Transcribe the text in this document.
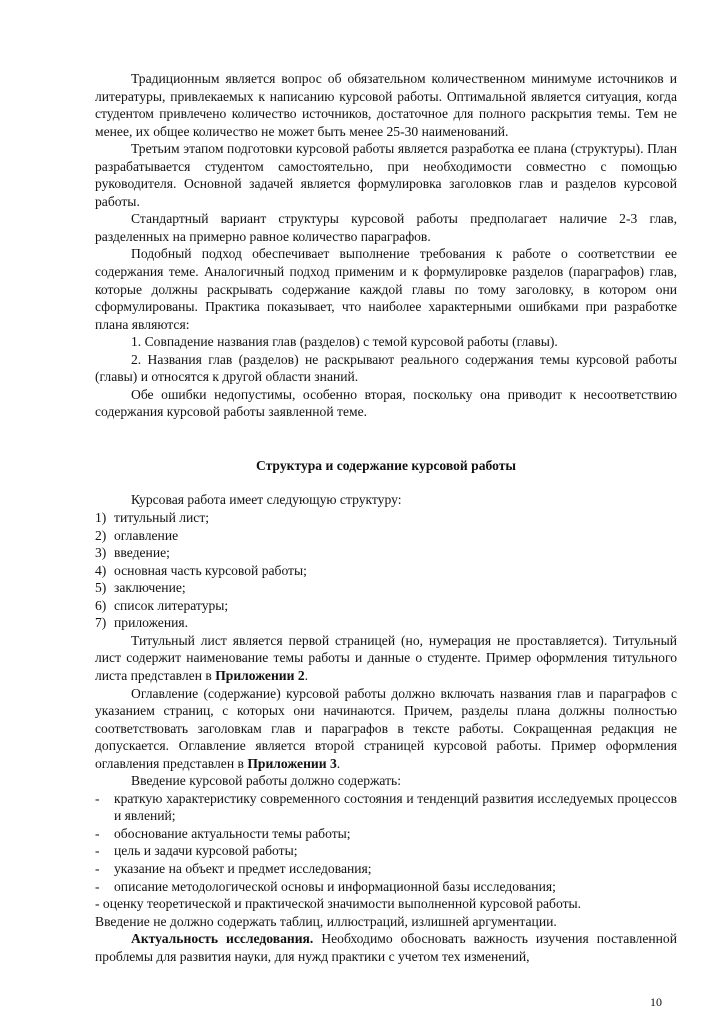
Традиционным является вопрос об обязательном количественном минимуме источников и литературы, привлекаемых к написанию курсовой работы. Оптимальной является ситуация, когда студентом привлечено количество источников, достаточное для полного раскрытия темы. Тем не менее, их общее количество не может быть менее 25-30 наименований.

Третьим этапом подготовки курсовой работы является разработка ее плана (структуры). План разрабатывается студентом самостоятельно, при необходимости совместно с помощью руководителя. Основной задачей является формулировка заголовков глав и разделов курсовой работы.

Стандартный вариант структуры курсовой работы предполагает наличие 2-3 глав, разделенных на примерно равное количество параграфов.

Подобный подход обеспечивает выполнение требования к работе о соответствии ее содержания теме. Аналогичный подход применим и к формулировке разделов (параграфов) глав, которые должны раскрывать содержание каждой главы по тому заголовку, в котором они сформулированы. Практика показывает, что наиболее характерными ошибками при разработке плана являются:

1. Совпадение названия глав (разделов) с темой курсовой работы (главы).

2. Названия глав (разделов) не раскрывают реального содержания темы курсовой работы (главы) и относятся к другой области знаний.

Обе ошибки недопустимы, особенно вторая, поскольку она приводит к несоответствию содержания курсовой работы заявленной теме.

Структура и содержание курсовой работы

Курсовая работа имеет следующую структуру:

1) титульный лист;
2) оглавление
3) введение;
4) основная часть курсовой работы;
5) заключение;
6) список литературы;
7) приложения.

Титульный лист является первой страницей (но, нумерация не проставляется). Титульный лист содержит наименование темы работы и данные о студенте. Пример оформления титульного листа представлен в Приложении 2.

Оглавление (содержание) курсовой работы должно включать названия глав и параграфов с указанием страниц, с которых они начинаются. Причем, разделы плана должны полностью соответствовать заголовкам глав и параграфов в тексте работы. Сокращенная редакция не допускается. Оглавление является второй страницей курсовой работы. Пример оформления оглавления представлен в Приложении 3.

Введение курсовой работы должно содержать:

-	краткую характеристику современного состояния и тенденций развития исследуемых процессов и явлений;
-	обоснование актуальности темы работы;
-	цель и задачи курсовой работы;
-	указание на объект и предмет исследования;
-	описание методологической основы и информационной базы исследования;

- оценку теоретической и практической значимости выполненной курсовой работы.

Введение не должно содержать таблиц, иллюстраций, излишней аргументации.

Актуальность исследования. Необходимо обосновать важность изучения поставленной проблемы для развития науки, для нужд практики с учетом тех изменений,

10
